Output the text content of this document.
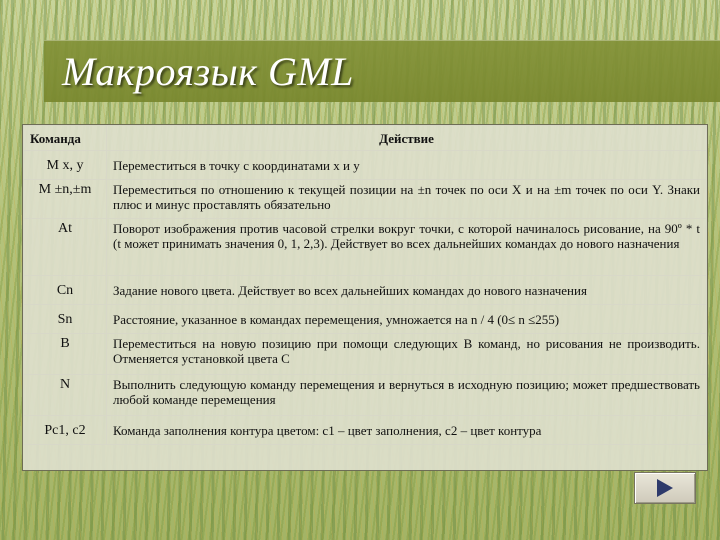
Макроязык GML
Команда	Действие
M x, y	Переместиться в точку с координатами x и y
M ±n,±m	Переместиться по отношению к текущей позиции на ±n точек по оси X и на ±m точек по оси Y. Знаки плюс и минус проставлять обязательно
At	Поворот изображения против часовой стрелки вокруг точки, с которой начиналось рисование, на 90º * t (t может принимать значения 0, 1, 2,3). Действует во всех дальнейших командах до нового назначения
Cn	Задание нового цвета. Действует во всех дальнейших командах до нового назначения
Sn	Расстояние, указанное в командах перемещения, умножается на n / 4 (0≤ n ≤255)
B	Переместиться на новую позицию при помощи следующих B команд, но рисования не производить. Отменяется установкой цвета C
N	Выполнить следующую команду перемещения и вернуться в исходную позицию; может предшествовать любой команде перемещения
Pc1, c2	Команда заполнения контура цветом: c1 – цвет заполнения, c2 – цвет контура
